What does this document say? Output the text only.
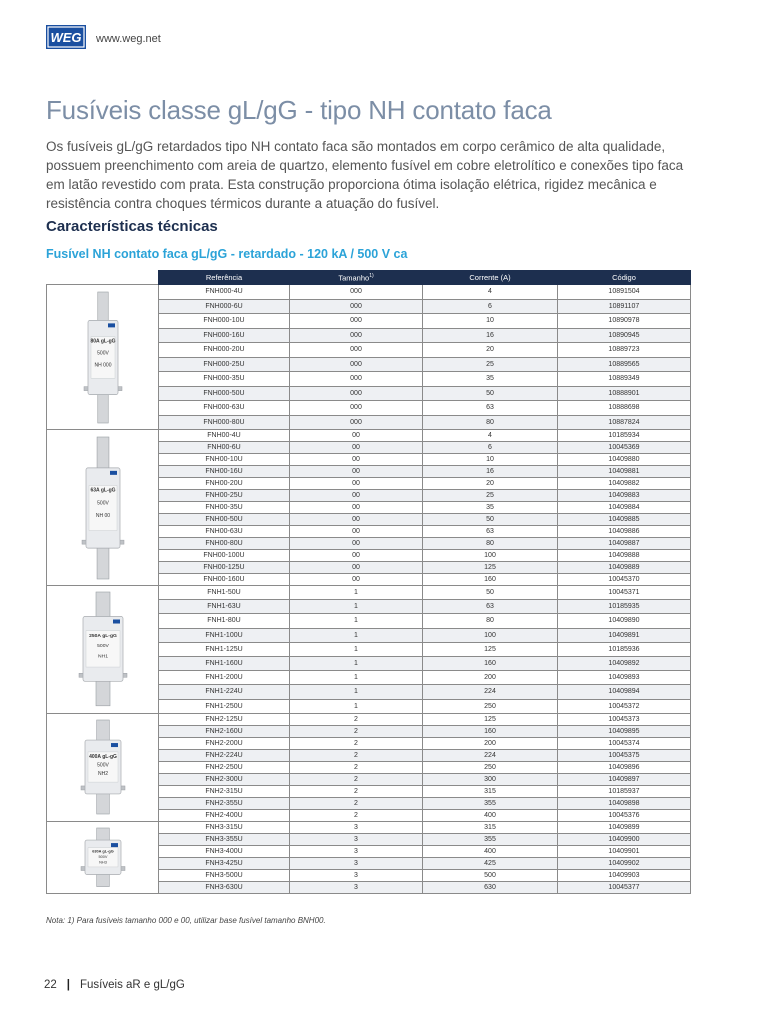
WEG www.weg.net
Fusíveis classe gL/gG - tipo NH contato faca

Os fusíveis gL/gG retardados tipo NH contato faca são montados em corpo cerâmico de alta qualidade, possuem preenchimento com areia de quartzo, elemento fusível em cobre eletrolítico e conexões tipo faca em latão revestido com prata. Esta construção proporciona ótima isolação elétrica, rigidez mecânica e resistência contra choques térmicos durante a atuação do fusível.

Características técnicas
Fusível NH contato faca gL/gG - retardado - 120 kA / 500 V ca
	Referência	Tamanho$^{1)}$	Corrente (A)	Código

80A gL-gG
500V
NH 000	FNH000-4U	000	4	10891504
	FNH000-6U	000	6	10891107
	FNH000-10U	000	10	10890978
	FNH000-16U	000	16	10890945
	FNH000-20U	000	20	10889723
	FNH000-25U	000	25	10889565
	FNH000-35U	000	35	10889349
	FNH000-50U	000	50	10888901
	FNH000-63U	000	63	10888698
	FNH000-80U	000	80	10887824

63A gL-gG
500V
NH 00	FNH00-4U	00	4	10185934
	FNH00-6U	00	6	10045369
	FNH00-10U	00	10	10409880
	FNH00-16U	00	16	10409881
	FNH00-20U	00	20	10409882
	FNH00-25U	00	25	10409883
	FNH00-35U	00	35	10409884
	FNH00-50U	00	50	10409885
	FNH00-63U	00	63	10409886
	FNH00-80U	00	80	10409887
	FNH00-100U	00	100	10409888
	FNH00-125U	00	125	10409889
	FNH00-160U	00	160	10045370

250A gL-gG
500V
NH1	FNH1-50U	1	50	10045371
	FNH1-63U	1	63	10185935
	FNH1-80U	1	80	10409890
	FNH1-100U	1	100	10409891
	FNH1-125U	1	125	10185936
	FNH1-160U	1	160	10409892
	FNH1-200U	1	200	10409893
	FNH1-224U	1	224	10409894
	FNH1-250U	1	250	10045372

400A gL-gG
500V
NH2	FNH2-125U	2	125	10045373
	FNH2-160U	2	160	10409895
	FNH2-200U	2	200	10045374
	FNH2-224U	2	224	10045375
	FNH2-250U	2	250	10409896
	FNH2-300U	2	300	10409897
	FNH2-315U	2	315	10185937
	FNH2-355U	2	355	10409898
	FNH2-400U	2	400	10045376

630A gL-gG
500V
NH3	FNH3-315U	3	315	10409899
	FNH3-355U	3	355	10409900
	FNH3-400U	3	400	10409901
	FNH3-425U	3	425	10409902
	FNH3-500U	3	500	10409903
	FNH3-630U	3	630	10045377

Nota: 1) Para fusíveis tamanho 000 e 00, utilizar base fusível tamanho BNH00.

22 | Fusíveis aR e gL/gG
